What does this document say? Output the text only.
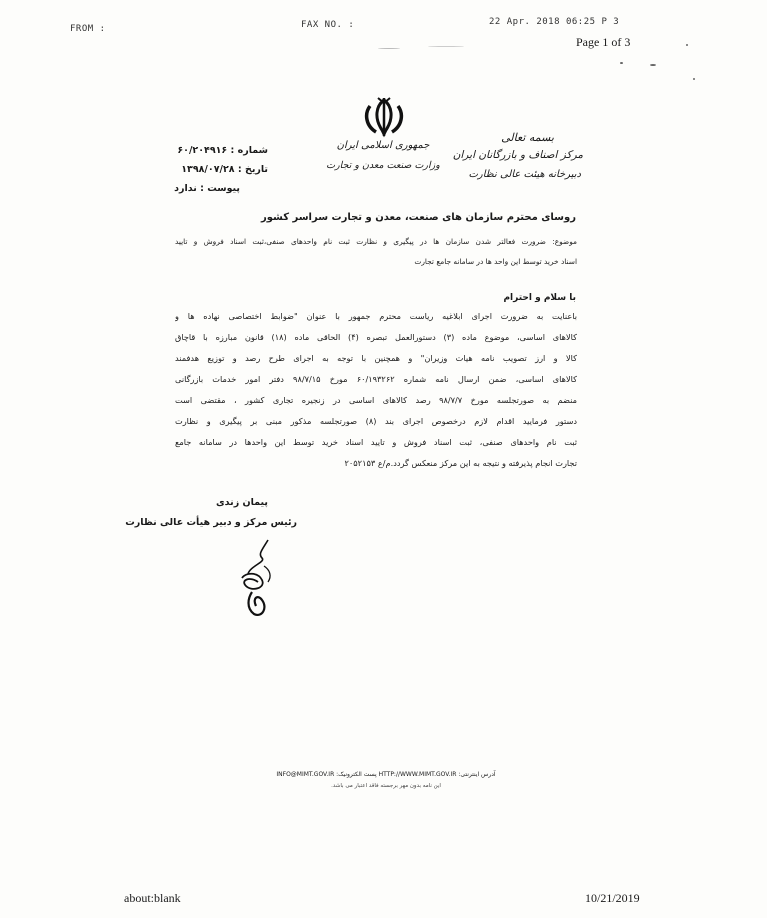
FROM :	FAX NO. :	22 Apr. 2018 06:25 P 3
Page 1 of 3
بسمه تعالی
مرکز اصناف و بازرگانان ایران
دبیرخانه هیئت عالی نظارت
جمهوری اسلامی ایران
وزارت صنعت معدن و تجارت
شماره : ۶۰/۲۰۴۹۱۶
تاریخ : ۱۳۹۸/۰۷/۲۸
پیوست : ندارد
روسای محترم سازمان های صنعت، معدن و تجارت سراسر کشور
موضوع: ضرورت فعالتر شدن سازمان ها در پیگیری و نظارت ثبت نام واحدهای صنفی،ثبت اسناد فروش و تایید
اسناد خرید توسط این واحد ها در سامانه جامع تجارت
با سلام و احترام
باعنایت به ضرورت اجرای ابلاغیه ریاست محترم جمهور با عنوان "ضوابط اختصاصی نهاده ها و
کالاهای اساسی، موضوع ماده (۳) دستورالعمل تبصره (۴) الحاقی ماده (۱۸) قانون مبارزه با قاچاق
کالا و ارز تصویب نامه هیات وزیران" و همچنین با توجه به اجرای طرح رصد و توزیع هدفمند
کالاهای اساسی، ضمن ارسال نامه شماره ۶۰/۱۹۳۲۶۲ مورخ ۹۸/۷/۱۵ دفتر امور خدمات بازرگانی
منضم به صورتجلسه مورخ ۹۸/۷/۷ رصد کالاهای اساسی در زنجیره تجاری کشور ، مقتضی است
دستور فرمایید اقدام لازم درخصوص اجرای بند (۸) صورتجلسه مذکور مبنی بر پیگیری و نظارت
ثبت نام واحدهای صنفی، ثبت اسناد فروش و تایید اسناد خرید توسط این واحدها در سامانه جامع
تجارت انجام پذیرفته و نتیجه به این مرکز منعکس گردد.م/ع ۲۰۵۲۱۵۳
پیمان زندی
رئیس مرکز و دبیر هیأت عالی نظارت
آدرس اینترنتی: HTTP://WWW.MIMT.GOV.IR پست الکترونیک: INFO@MIMT.GOV.IR
این نامه بدون مهر برجسته فاقد اعتبار می باشد.
about:blank	10/21/2019
